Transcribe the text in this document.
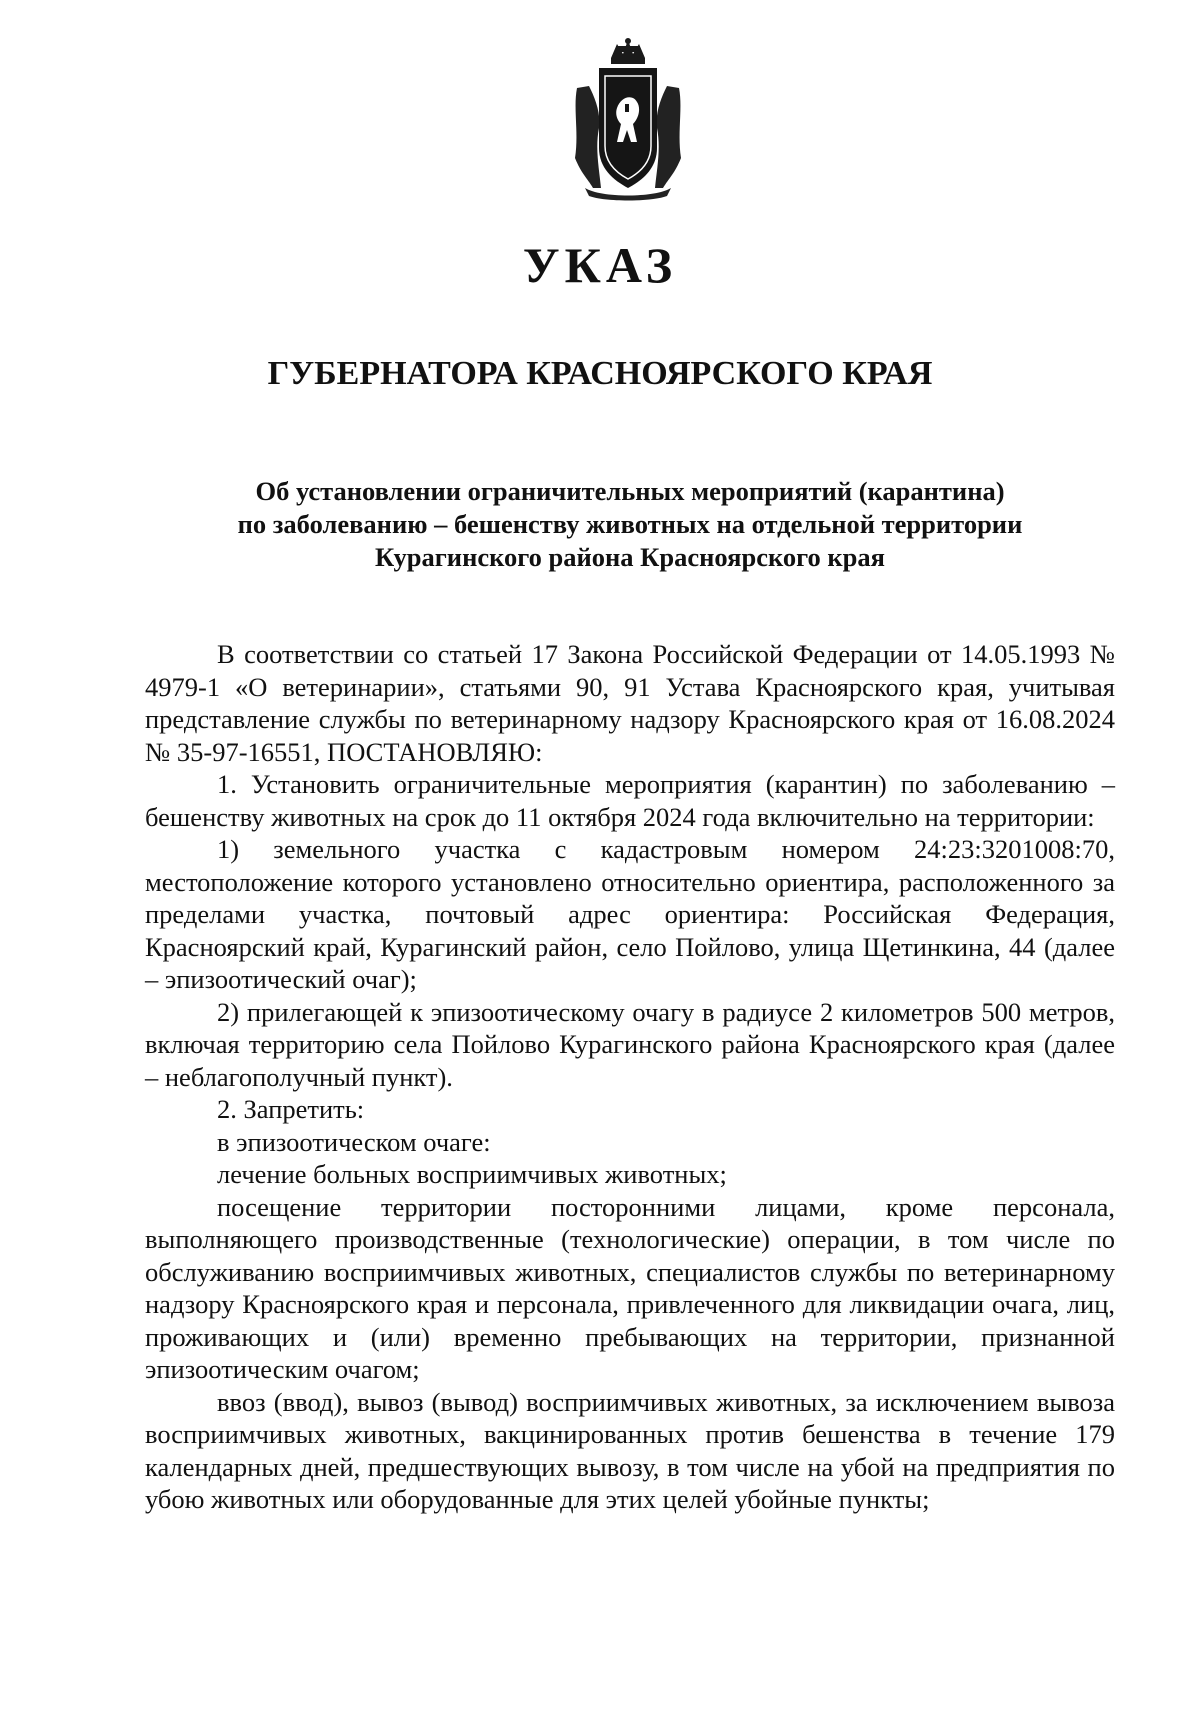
УКАЗ
ГУБЕРНАТОРА КРАСНОЯРСКОГО КРАЯ
Об установлении ограничительных мероприятий (карантина)
по заболеванию – бешенству животных на отдельной территории
Курагинского района Красноярского края

В соответствии со статьей 17 Закона Российской Федерации от 14.05.1993 № 4979-1 «О ветеринарии», статьями 90, 91 Устава Красноярского края, учитывая представление службы по ветеринарному надзору Красноярского края от 16.08.2024 № 35-97-16551, ПОСТАНОВЛЯЮ:

1. Установить ограничительные мероприятия (карантин) по заболеванию – бешенству животных на срок до 11 октября 2024 года включительно на территории:

1) земельного участка с кадастровым номером 24:23:3201008:70, местоположение которого установлено относительно ориентира, расположенного за пределами участка, почтовый адрес ориентира: Российская Федерация, Красноярский край, Курагинский район, село Пойлово, улица Щетинкина, 44 (далее – эпизоотический очаг);

2) прилегающей к эпизоотическому очагу в радиусе 2 километров 500 метров, включая территорию села Пойлово Курагинского района Красноярского края (далее – неблагополучный пункт).

2. Запретить:

в эпизоотическом очаге:

лечение больных восприимчивых животных;

посещение территории посторонними лицами, кроме персонала, выполняющего производственные (технологические) операции, в том числе по обслуживанию восприимчивых животных, специалистов службы по ветеринарному надзору Красноярского края и персонала, привлеченного для ликвидации очага, лиц, проживающих и (или) временно пребывающих на территории, признанной эпизоотическим очагом;

ввоз (ввод), вывоз (вывод) восприимчивых животных, за исключением вывоза восприимчивых животных, вакцинированных против бешенства в течение 179 календарных дней, предшествующих вывозу, в том числе на убой на предприятия по убою животных или оборудованные для этих целей убойные пункты;
